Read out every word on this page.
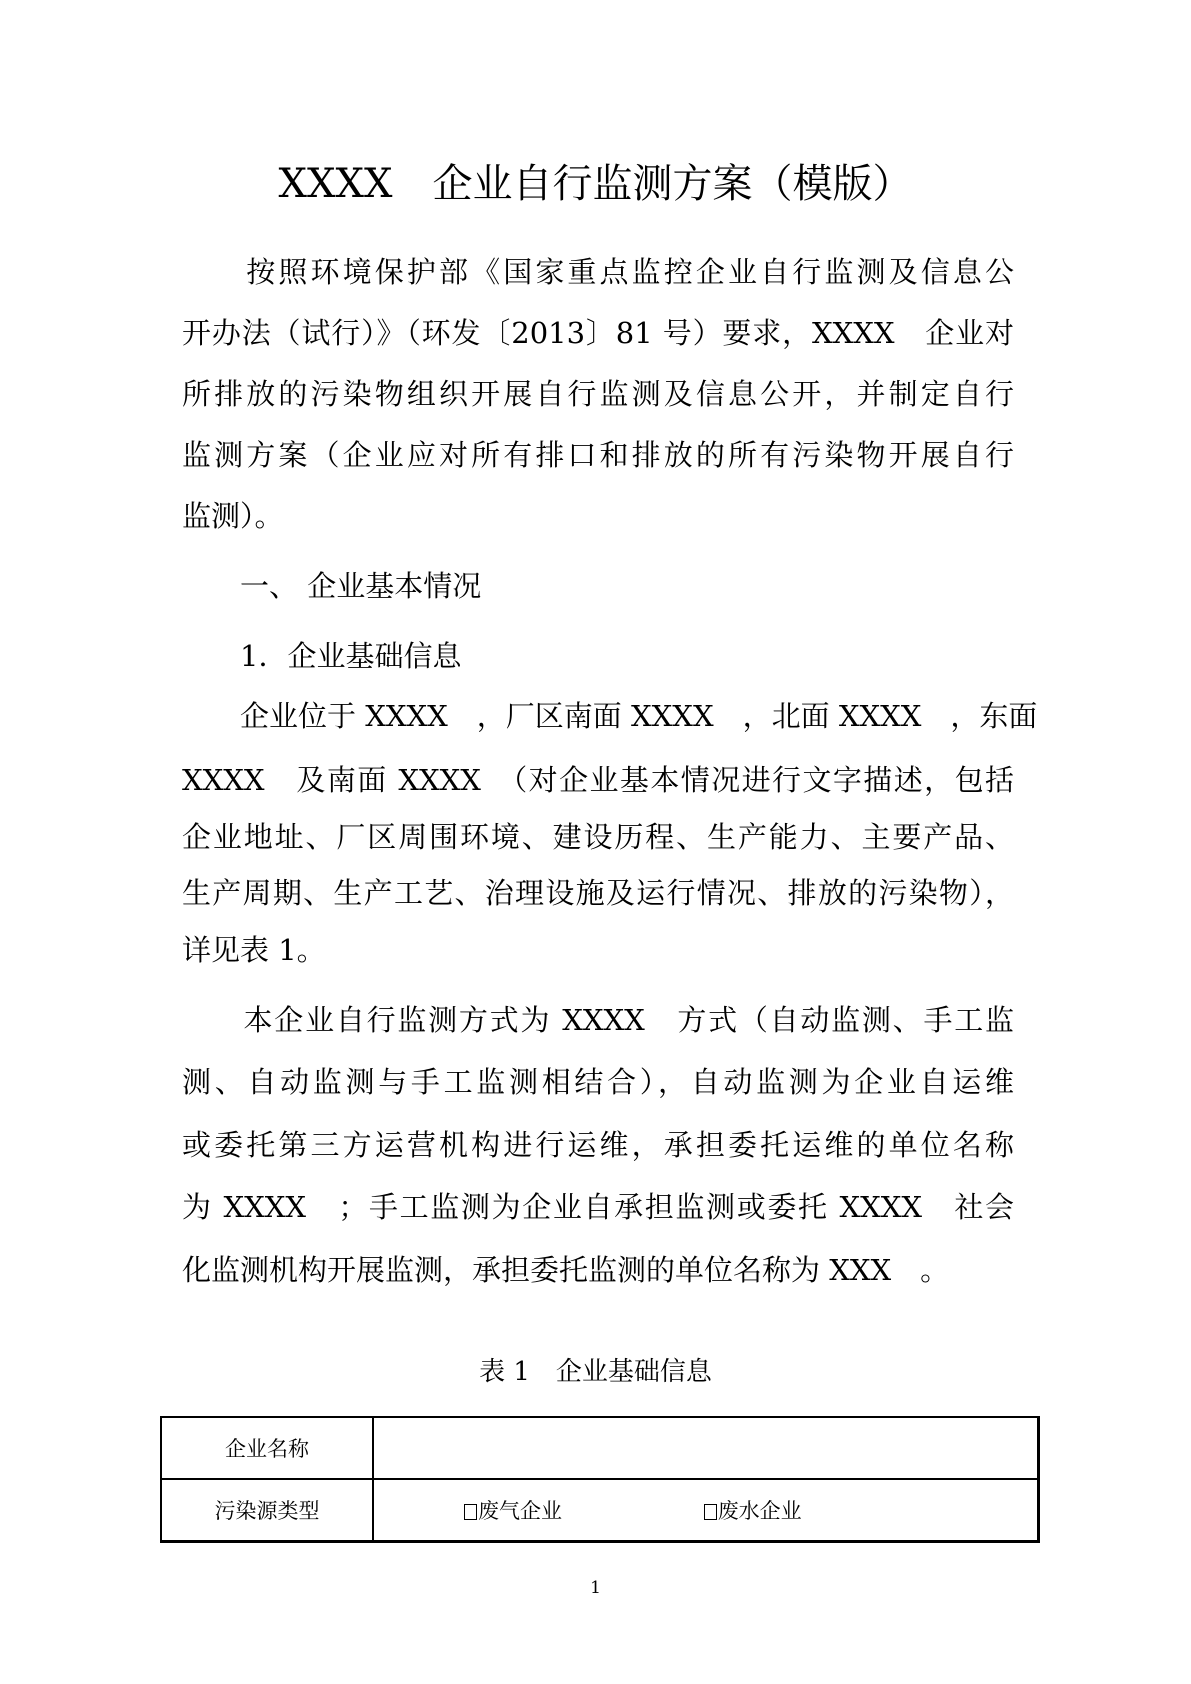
XXXX　企业自行监测方案（模版）
　　按照环境保护部《国家重点监控企业自行监测及信息公
开办法（试行）》（环发〔2013〕81 号）要求，XXXX　企业对
所排放的污染物组织开展自行监测及信息公开，并制定自行
监测方案（企业应对所有排口和排放的所有污染物开展自行
监测）。
　　一、 企业基本情况
　　1．企业基础信息
　　企业位于 XXXX　，厂区南面 XXXX　，北面 XXXX　，东面
XXXX　及南面 XXXX　（对企业基本情况进行文字描述，包括
企业地址、厂区周围环境、建设历程、生产能力、主要产品、
生产周期、生产工艺、治理设施及运行情况、排放的污染物），
详见表 1。
　　本企业自行监测方式为 XXXX　方式（自动监测、手工监
测、自动监测与手工监测相结合），自动监测为企业自运维
或委托第三方运营机构进行运维，承担委托运维的单位名称
为 XXXX　；手工监测为企业自承担监测或委托 XXXX　社会
化监测机构开展监测，承担委托监测的单位名称为 XXX　。
表 1　企业基础信息
企业名称	
污染源类型	废气企业 废水企业
1
